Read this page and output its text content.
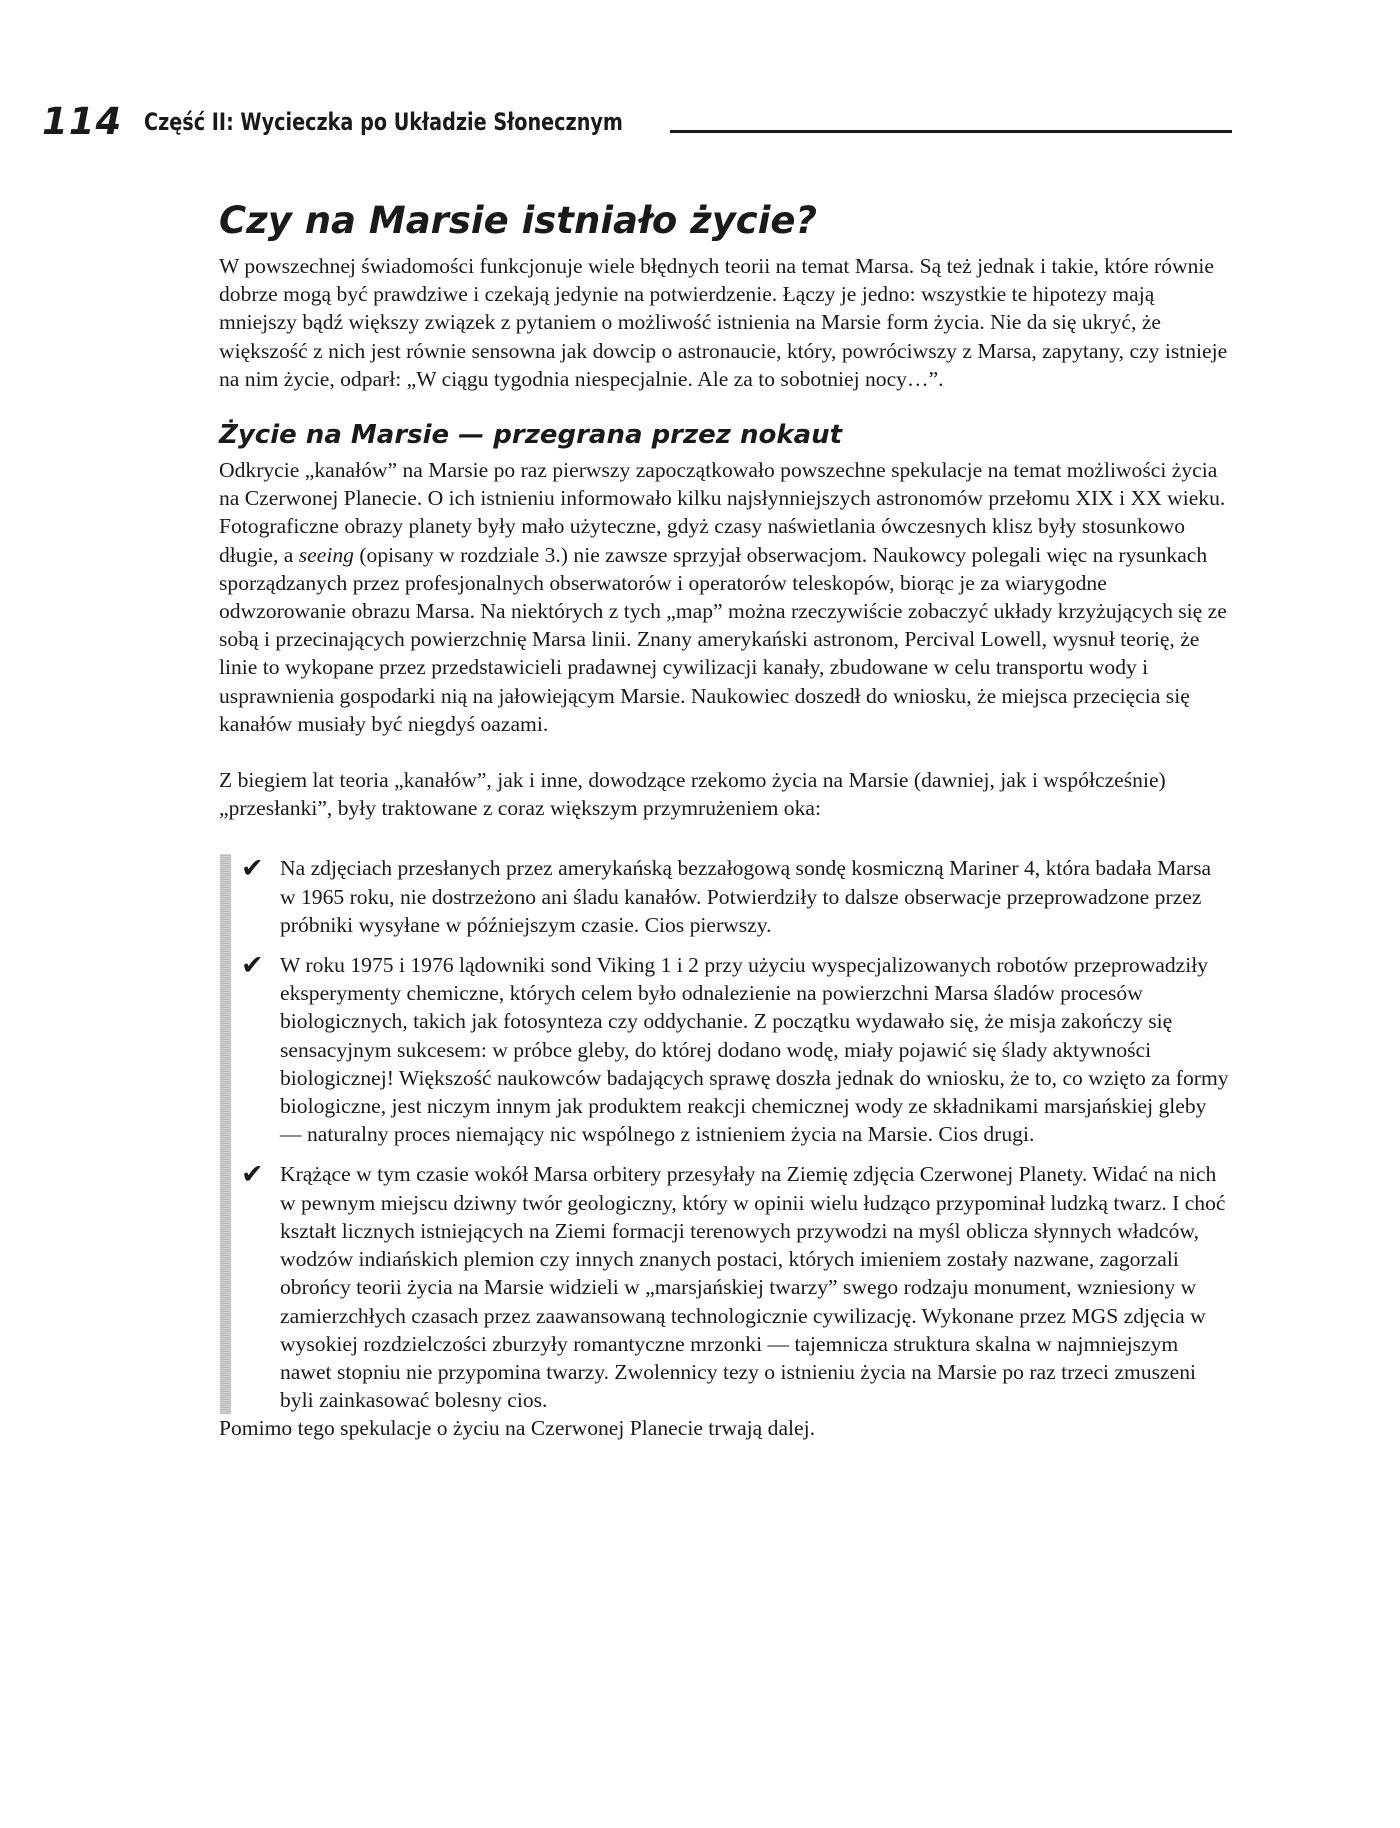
114 Część II: Wycieczka po Układzie Słonecznym
Czy na Marsie istniało życie?

W powszechnej świadomości funkcjonuje wiele błędnych teorii na temat Marsa. Są też jednak i takie, które równie dobrze mogą być prawdziwe i czekają jedynie na potwierdzenie. Łączy je jedno: wszystkie te hipotezy mają mniejszy bądź większy związek z pytaniem o możliwość istnienia na Marsie form życia. Nie da się ukryć, że większość z nich jest równie sensowna jak dowcip o astronaucie, który, powróciwszy z Marsa, zapytany, czy istnieje na nim życie, odparł: „W ciągu tygodnia niespecjalnie. Ale za to sobotniej nocy…”.

Życie na Marsie — przegrana przez nokaut

Odkrycie „kanałów” na Marsie po raz pierwszy zapoczątkowało powszechne spekulacje na temat możliwości życia na Czerwonej Planecie. O ich istnieniu informowało kilku najsłynniejszych astronomów przełomu XIX i XX wieku. Fotograficzne obrazy planety były mało użyteczne, gdyż czasy naświetlania ówczesnych klisz były stosunkowo długie, a seeing (opisany w rozdziale 3.) nie zawsze sprzyjał obserwacjom. Naukowcy polegali więc na rysunkach sporządzanych przez profesjonalnych obserwatorów i operatorów teleskopów, biorąc je za wiarygodne odwzorowanie obrazu Marsa. Na niektórych z tych „map” można rzeczywiście zobaczyć układy krzyżujących się ze sobą i przecinających powierzchnię Marsa linii. Znany amerykański astronom, Percival Lowell, wysnuł teorię, że linie to wykopane przez przedstawicieli pradawnej cywilizacji kanały, zbudowane w celu transportu wody i usprawnienia gospodarki nią na jałowiejącym Marsie. Naukowiec doszedł do wniosku, że miejsca przecięcia się kanałów musiały być niegdyś oazami.

Z biegiem lat teoria „kanałów”, jak i inne, dowodzące rzekomo życia na Marsie (dawniej, jak i współcześnie) „przesłanki”, były traktowane z coraz większym przymrużeniem oka:

✔ Na zdjęciach przesłanych przez amerykańską bezzałogową sondę kosmiczną Mariner 4, która badała Marsa w 1965 roku, nie dostrzeżono ani śladu kanałów. Potwierdziły to dalsze obserwacje przeprowadzone przez próbniki wysyłane w późniejszym czasie. Cios pierwszy.
✔ W roku 1975 i 1976 lądowniki sond Viking 1 i 2 przy użyciu wyspecjalizowanych robotów przeprowadziły eksperymenty chemiczne, których celem było odnalezienie na powierzchni Marsa śladów procesów biologicznych, takich jak fotosynteza czy oddychanie. Z początku wydawało się, że misja zakończy się sensacyjnym sukcesem: w próbce gleby, do której dodano wodę, miały pojawić się ślady aktywności biologicznej! Większość naukowców badających sprawę doszła jednak do wniosku, że to, co wzięto za formy biologiczne, jest niczym innym jak produktem reakcji chemicznej wody ze składnikami marsjańskiej gleby — naturalny proces niemający nic wspólnego z istnieniem życia na Marsie. Cios drugi.
✔ Krążące w tym czasie wokół Marsa orbitery przesyłały na Ziemię zdjęcia Czerwonej Planety. Widać na nich w pewnym miejscu dziwny twór geologiczny, który w opinii wielu łudząco przypominał ludzką twarz. I choć kształt licznych istniejących na Ziemi formacji terenowych przywodzi na myśl oblicza słynnych władców, wodzów indiańskich plemion czy innych znanych postaci, których imieniem zostały nazwane, zagorzali obrońcy teorii życia na Marsie widzieli w „marsjańskiej twarzy” swego rodzaju monument, wzniesiony w zamierzchłych czasach przez zaawansowaną technologicznie cywilizację. Wykonane przez MGS zdjęcia w wysokiej rozdzielczości zburzyły romantyczne mrzonki — tajemnicza struktura skalna w najmniejszym nawet stopniu nie przypomina twarzy. Zwolennicy tezy o istnieniu życia na Marsie po raz trzeci zmuszeni byli zainkasować bolesny cios.

Pomimo tego spekulacje o życiu na Czerwonej Planecie trwają dalej.
